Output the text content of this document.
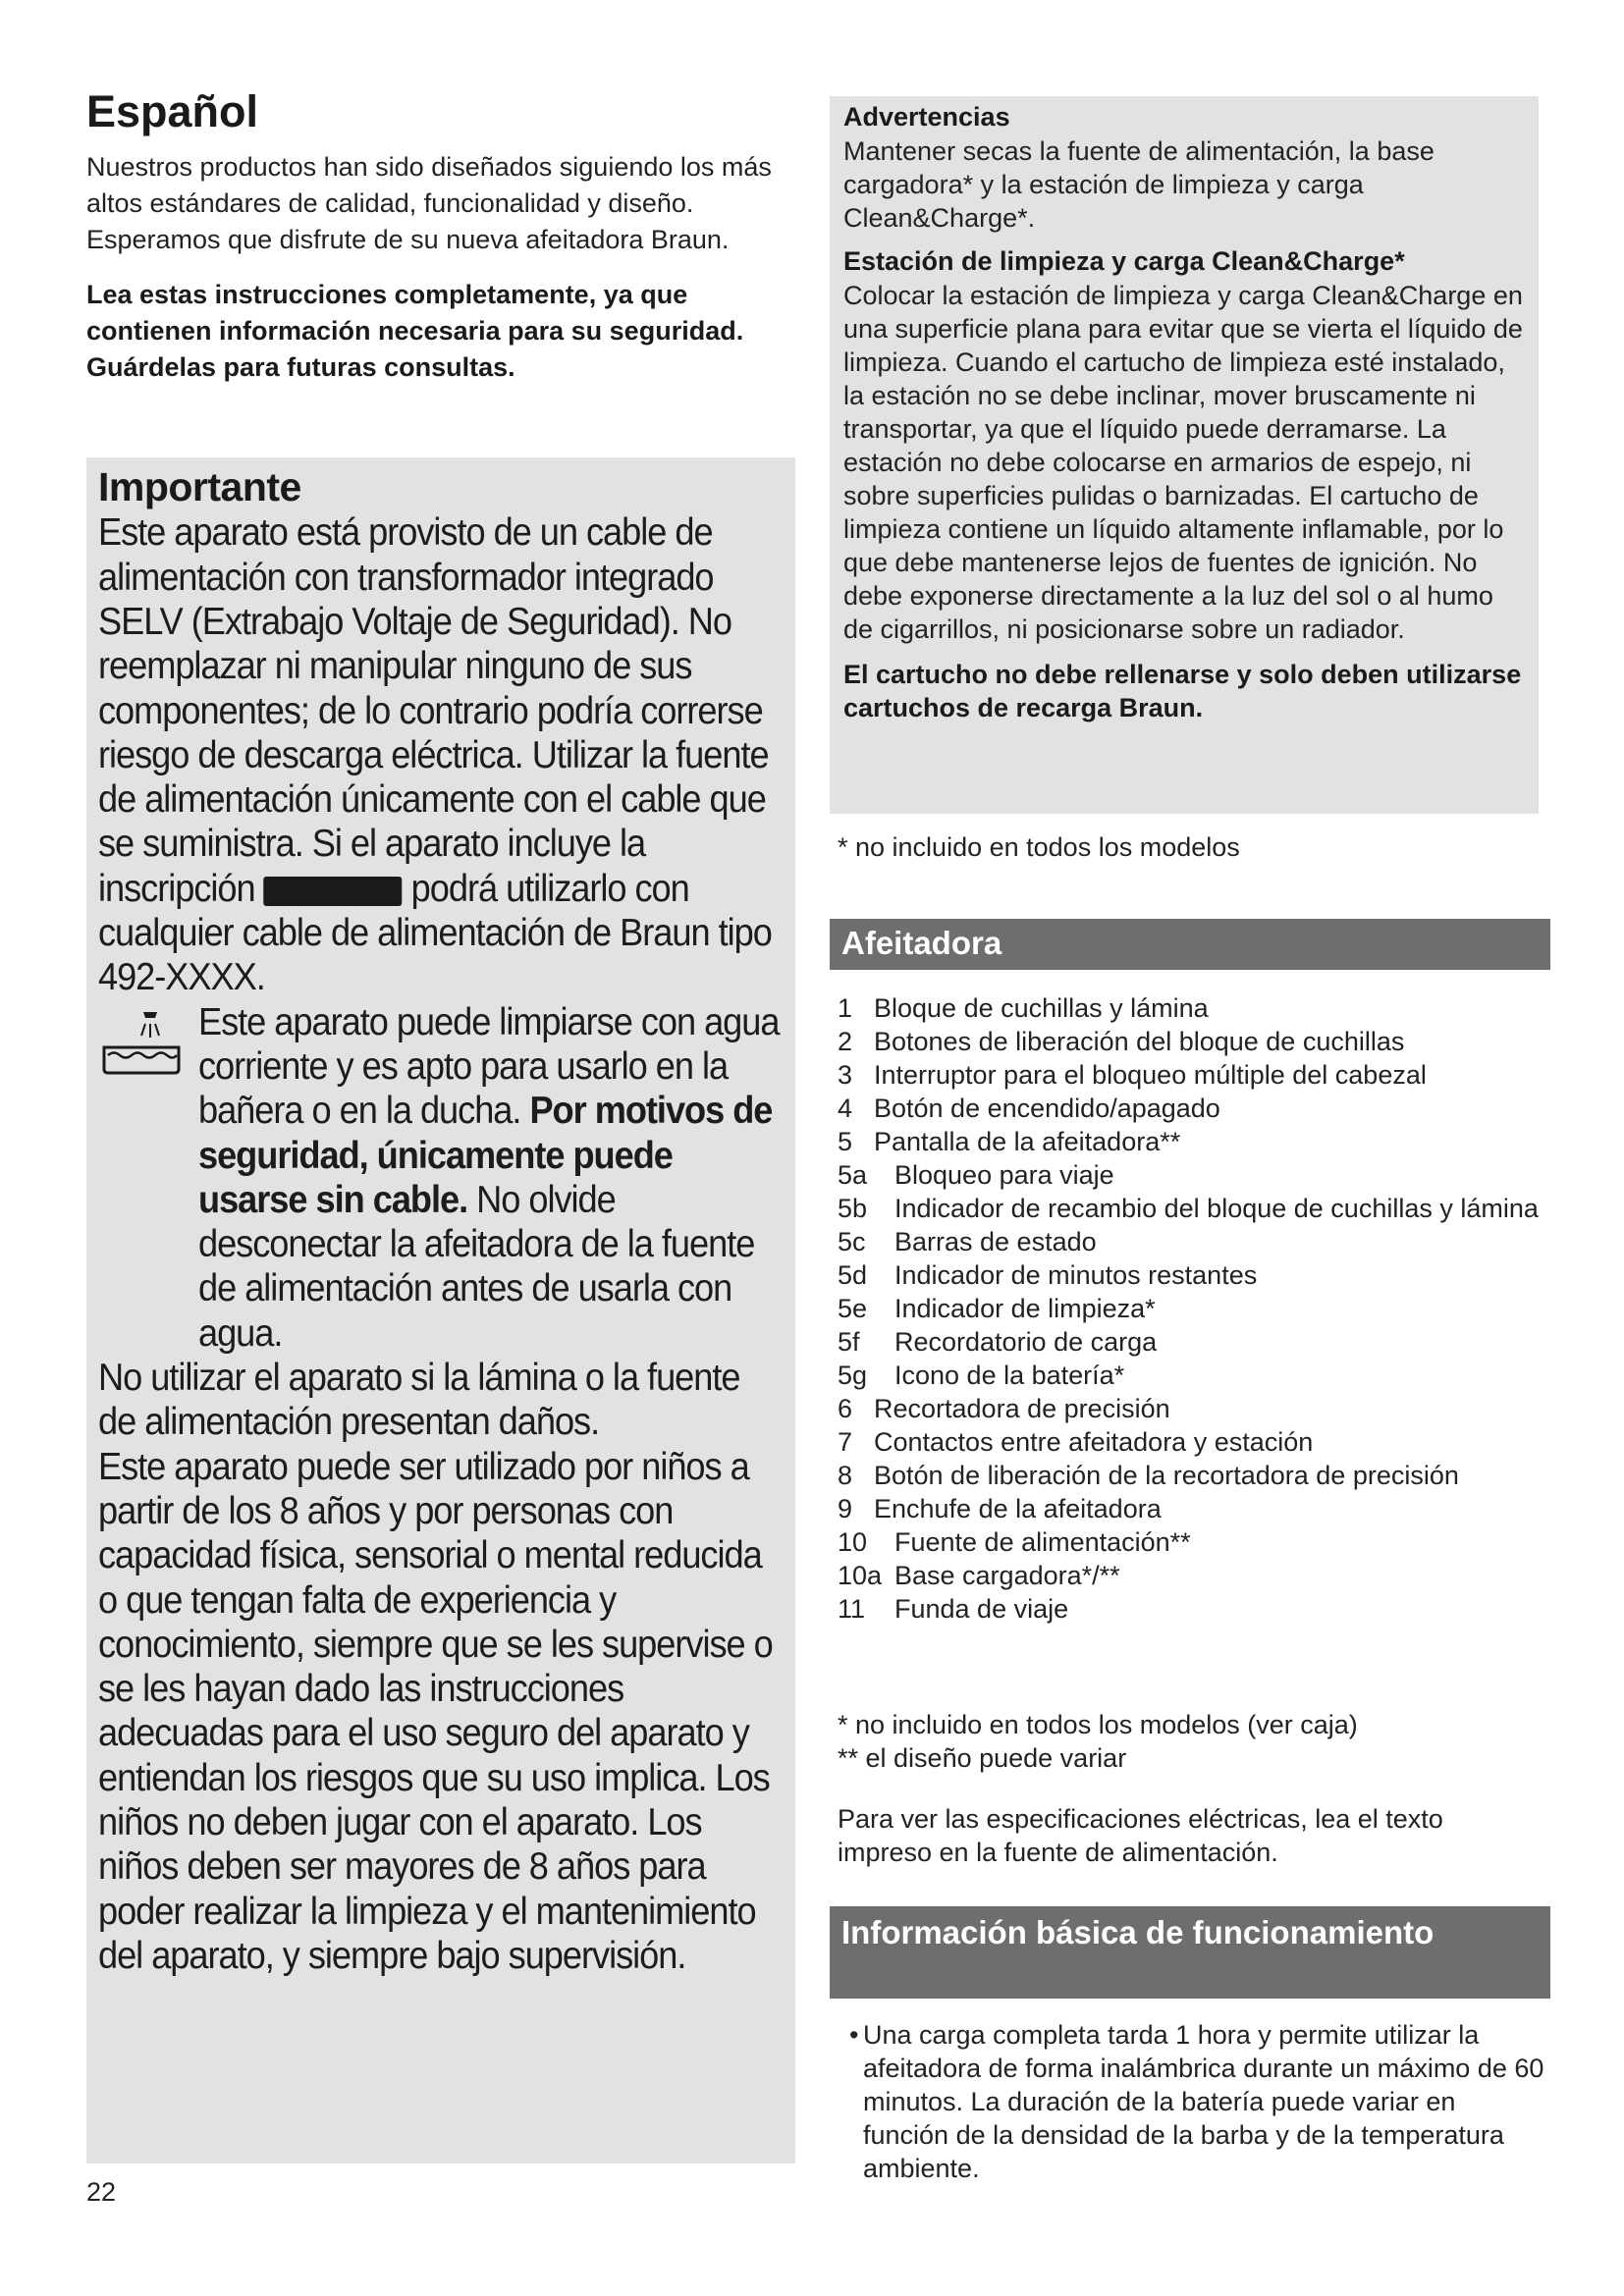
Español

Nuestros productos han sido diseñados siguiendo los más altos estándares de calidad, funcionalidad y diseño. Esperamos que disfrute de su nueva afeitadora Braun.

Lea estas instrucciones completamente, ya que contienen información necesaria para su seguridad. Guárdelas para futuras consultas.

Importante

Este aparato está provisto de un cable de alimentación con transformador integrado SELV (Extrabajo Voltaje de Seguridad). No reemplazar ni manipular ninguno de sus componentes; de lo contrario podría correrse riesgo de descarga eléctrica. Utilizar la fuente de alimentación únicamente con el cable que se suministra. Si el aparato incluye la inscripción	podrá utilizarlo con cualquier cable de alimentación de Braun tipo 492-XXXX.

Este aparato puede limpiarse con agua corriente y es apto para usarlo en la bañera o en la ducha. Por motivos de seguridad, únicamente puede usarse sin cable. No olvide desconectar la afeitadora de la fuente de alimentación antes de usarla con agua.

No utilizar el aparato si la lámina o la fuente de alimentación presentan daños.

Este aparato puede ser utilizado por niños a partir de los 8 años y por personas con capacidad física, sensorial o mental reducida o que tengan falta de experiencia y conocimiento, siempre que se les supervise o se les hayan dado las instrucciones adecuadas para el uso seguro del aparato y entiendan los riesgos que su uso implica. Los niños no deben jugar con el aparato. Los niños deben ser mayores de 8 años para poder realizar la limpieza y el mantenimiento del aparato, y siempre bajo supervisión.

22

Advertencias

Mantener secas la fuente de alimentación, la base cargadora* y la estación de limpieza y carga Clean&Charge*.

Estación de limpieza y carga Clean&Charge*

Colocar la estación de limpieza y carga Clean&Charge en una superficie plana para evitar que se vierta el líquido de limpieza. Cuando el cartucho de limpieza esté instalado, la estación no se debe inclinar, mover bruscamente ni transportar, ya que el líquido puede derramarse. La estación no debe colocarse en armarios de espejo, ni sobre superficies pulidas o barnizadas. El cartucho de limpieza contiene un líquido altamente inflamable, por lo que debe mantenerse lejos de fuentes de ignición. No debe exponerse directamente a la luz del sol o al humo de cigarrillos, ni posicionarse sobre un radiador.

El cartucho no debe rellenarse y solo deben utilizarse cartuchos de recarga Braun.

* no incluido en todos los modelos
Afeitadora
1 Bloque de cuchillas y lámina
2 Botones de liberación del bloque de cuchillas
3 Interruptor para el bloqueo múltiple del cabezal
4 Botón de encendido/apagado
5 Pantalla de la afeitadora**
5a	Bloqueo para viaje
5b	Indicador de recambio del bloque de cuchillas y lámina
5c	Barras de estado
5d	Indicador de minutos restantes
5e	Indicador de limpieza*
5f	Recordatorio de carga
5g	Icono de la batería*
6 Recortadora de precisión
7 Contactos entre afeitadora y estación
8 Botón de liberación de la recortadora de precisión
9 Enchufe de la afeitadora
10	Fuente de alimentación**
10a Base cargadora*/**
11	Funda de viaje
* no incluido en todos los modelos (ver caja)
** el diseño puede variar
Para ver las especificaciones eléctricas, lea el texto impreso en la fuente de alimentación.
Información básica de funcionamiento
• Una carga completa tarda 1 hora y permite utilizar la afeitadora de forma inalámbrica durante un máximo de 60 minutos. La duración de la batería puede variar en función de la densidad de la barba y de la temperatura ambiente.
